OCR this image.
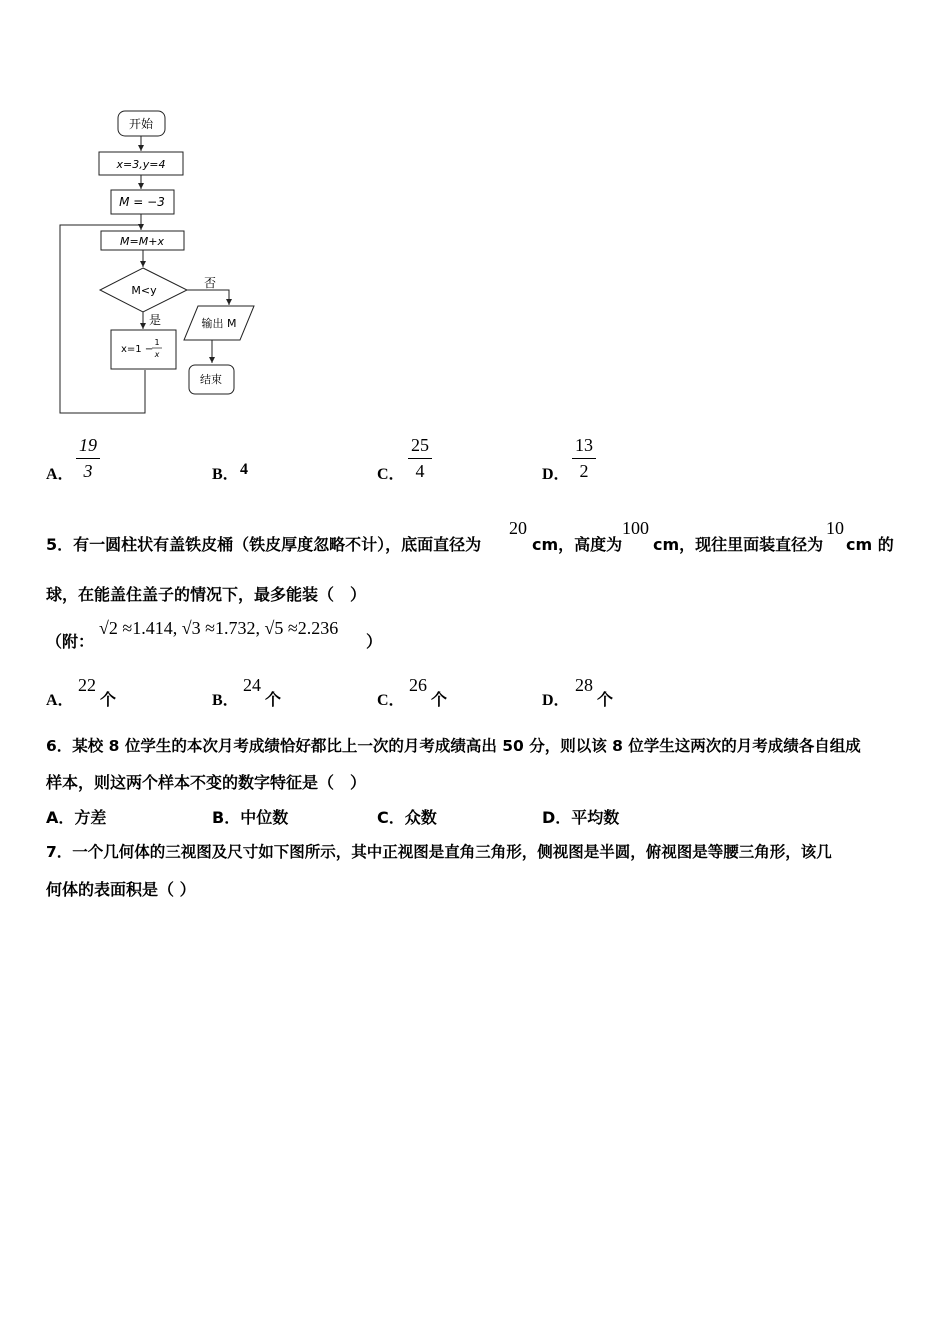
开始
x=3,y=4
M = −3
M=M+x
M<y
否
是	输出 M
结束
x=1 −
1
x
A．
19
3	B． 4	C．
25
4	D．
13
2
5．有一圆柱状有盖铁皮桶（铁皮厚度忽略不计），底面直径为
20
cm，高度为
100
cm，现往里面装直径为
10
cm 的
球，在能盖住盖子的情况下，最多能装（　）
（附：
√2 ≈1.414, √3 ≈1.732, √5 ≈2.236
）
A．
22
个	B．
24
个	C．
26
个	D．
28
个
6．某校 8 位学生的本次月考成绩恰好都比上一次的月考成绩高出 50 分，则以该 8 位学生这两次的月考成绩各自组成
样本，则这两个样本不变的数字特征是（　）
A．方差	B．中位数	C．众数	D．平均数
7．一个几何体的三视图及尺寸如下图所示，其中正视图是直角三角形，侧视图是半圆，俯视图是等腰三角形，该几
何体的表面积是（ ）
